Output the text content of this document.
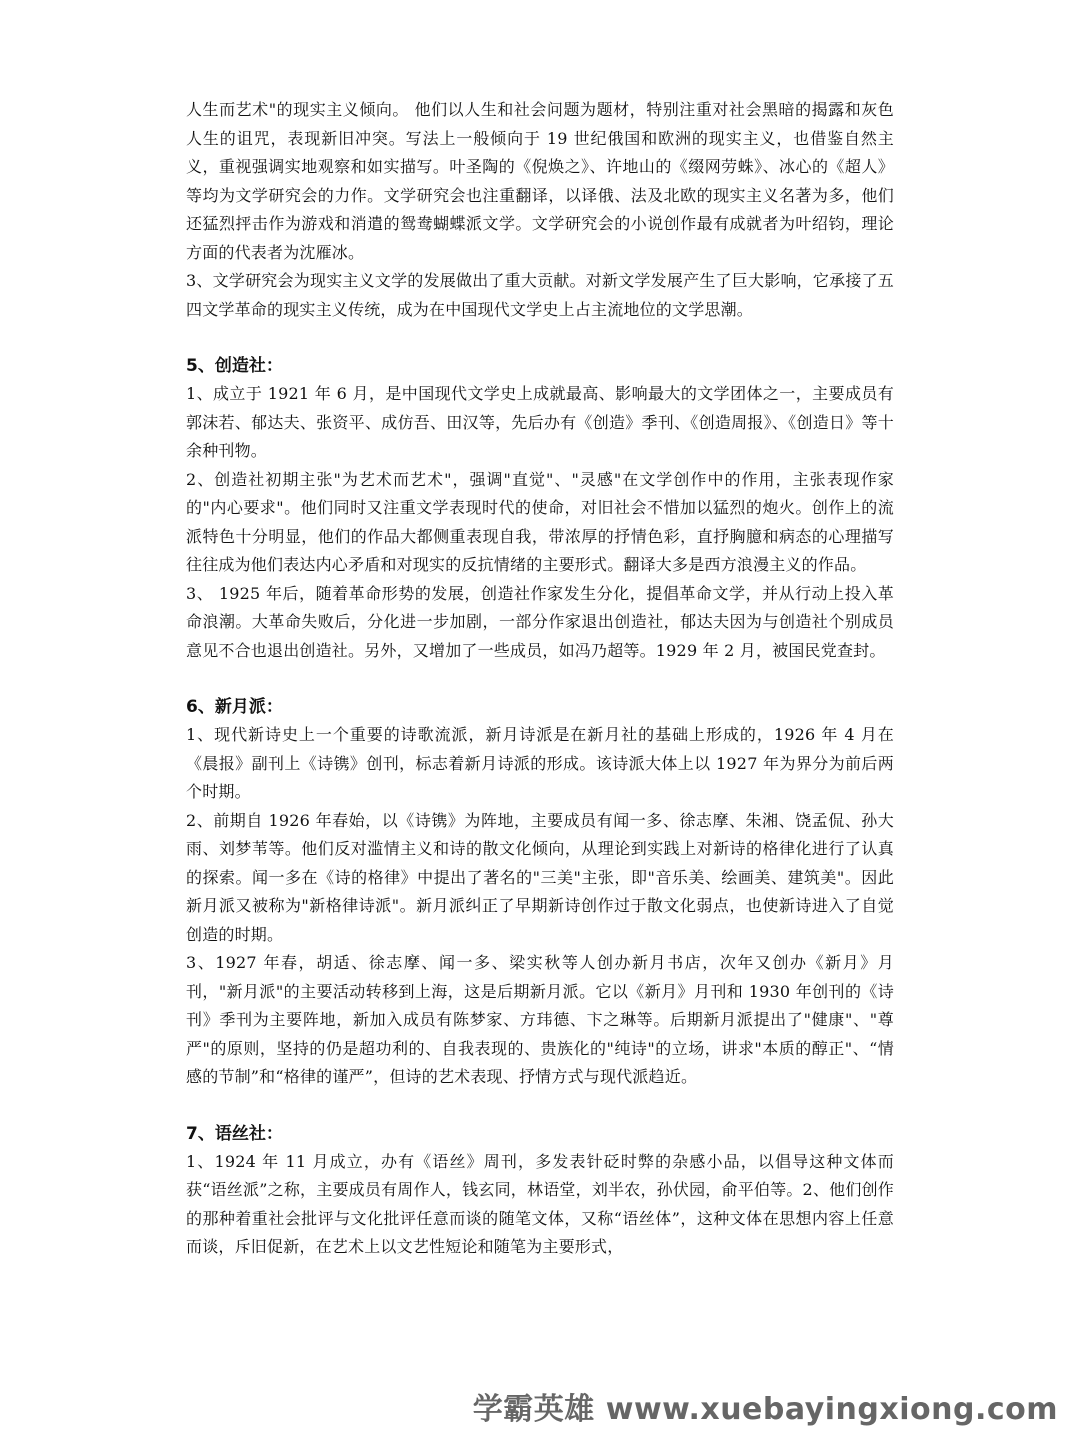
人生而艺术"的现实主义倾向。 他们以人生和社会问题为题材，特别注重对社会黑暗的揭露和灰色人生的诅咒，表现新旧冲突。写法上一般倾向于 19 世纪俄国和欧洲的现实主义，也借鉴自然主义，重视强调实地观察和如实描写。叶圣陶的《倪焕之》、许地山的《缀网劳蛛》、冰心的《超人》等均为文学研究会的力作。文学研究会也注重翻译，以译俄、法及北欧的现实主义名著为多，他们还猛烈抨击作为游戏和消遣的鸳鸯蝴蝶派文学。文学研究会的小说创作最有成就者为叶绍钧，理论方面的代表者为沈雁冰。

3、文学研究会为现实主义文学的发展做出了重大贡献。对新文学发展产生了巨大影响，它承接了五四文学革命的现实主义传统，成为在中国现代文学史上占主流地位的文学思潮。

5、创造社：

1、成立于 1921 年 6 月，是中国现代文学史上成就最高、影响最大的文学团体之一，主要成员有郭沫若、郁达夫、张资平、成仿吾、田汉等，先后办有《创造》季刊、《创造周报》、《创造日》等十余种刊物。

2、创造社初期主张"为艺术而艺术"，强调"直觉"、"灵感"在文学创作中的作用，主张表现作家的"内心要求"。他们同时又注重文学表现时代的使命，对旧社会不惜加以猛烈的炮火。创作上的流派特色十分明显，他们的作品大都侧重表现自我，带浓厚的抒情色彩，直抒胸臆和病态的心理描写往往成为他们表达内心矛盾和对现实的反抗情绪的主要形式。翻译大多是西方浪漫主义的作品。

3、 1925 年后，随着革命形势的发展，创造社作家发生分化，提倡革命文学，并从行动上投入革命浪潮。大革命失败后，分化进一步加剧，一部分作家退出创造社，郁达夫因为与创造社个别成员意见不合也退出创造社。另外，又增加了一些成员，如冯乃超等。1929 年 2 月，被国民党查封。

6、新月派：

1、现代新诗史上一个重要的诗歌流派，新月诗派是在新月社的基础上形成的，1926 年 4 月在《晨报》副刊上《诗镌》创刊，标志着新月诗派的形成。该诗派大体上以 1927 年为界分为前后两个时期。

2、前期自 1926 年春始，以《诗镌》为阵地，主要成员有闻一多、徐志摩、朱湘、饶孟侃、孙大雨、刘梦苇等。他们反对滥情主义和诗的散文化倾向，从理论到实践上对新诗的格律化进行了认真的探索。闻一多在《诗的格律》中提出了著名的"三美"主张，即"音乐美、绘画美、建筑美"。因此新月派又被称为"新格律诗派"。新月派纠正了早期新诗创作过于散文化弱点，也使新诗进入了自觉创造的时期。

3、1927 年春，胡适、徐志摩、闻一多、梁实秋等人创办新月书店，次年又创办《新月》月刊，"新月派"的主要活动转移到上海，这是后期新月派。它以《新月》月刊和 1930 年创刊的《诗刊》季刊为主要阵地，新加入成员有陈梦家、方玮德、卞之琳等。后期新月派提出了"健康"、"尊严"的原则，坚持的仍是超功利的、自我表现的、贵族化的"纯诗"的立场，讲求"本质的醇正"、“情感的节制”和“格律的谨严”，但诗的艺术表现、抒情方式与现代派趋近。

7、语丝社：

1、1924 年 11 月成立，办有《语丝》周刊，多发表针砭时弊的杂感小品，以倡导这种文体而获“语丝派”之称，主要成员有周作人，钱玄同，林语堂，刘半农，孙伏园，俞平伯等。2、他们创作的那种着重社会批评与文化批评任意而谈的随笔文体，又称“语丝体”，这种文体在思想内容上任意而谈，斥旧促新，在艺术上以文艺性短论和随笔为主要形式，

学霸英雄 www.xuebayingxiong.com
